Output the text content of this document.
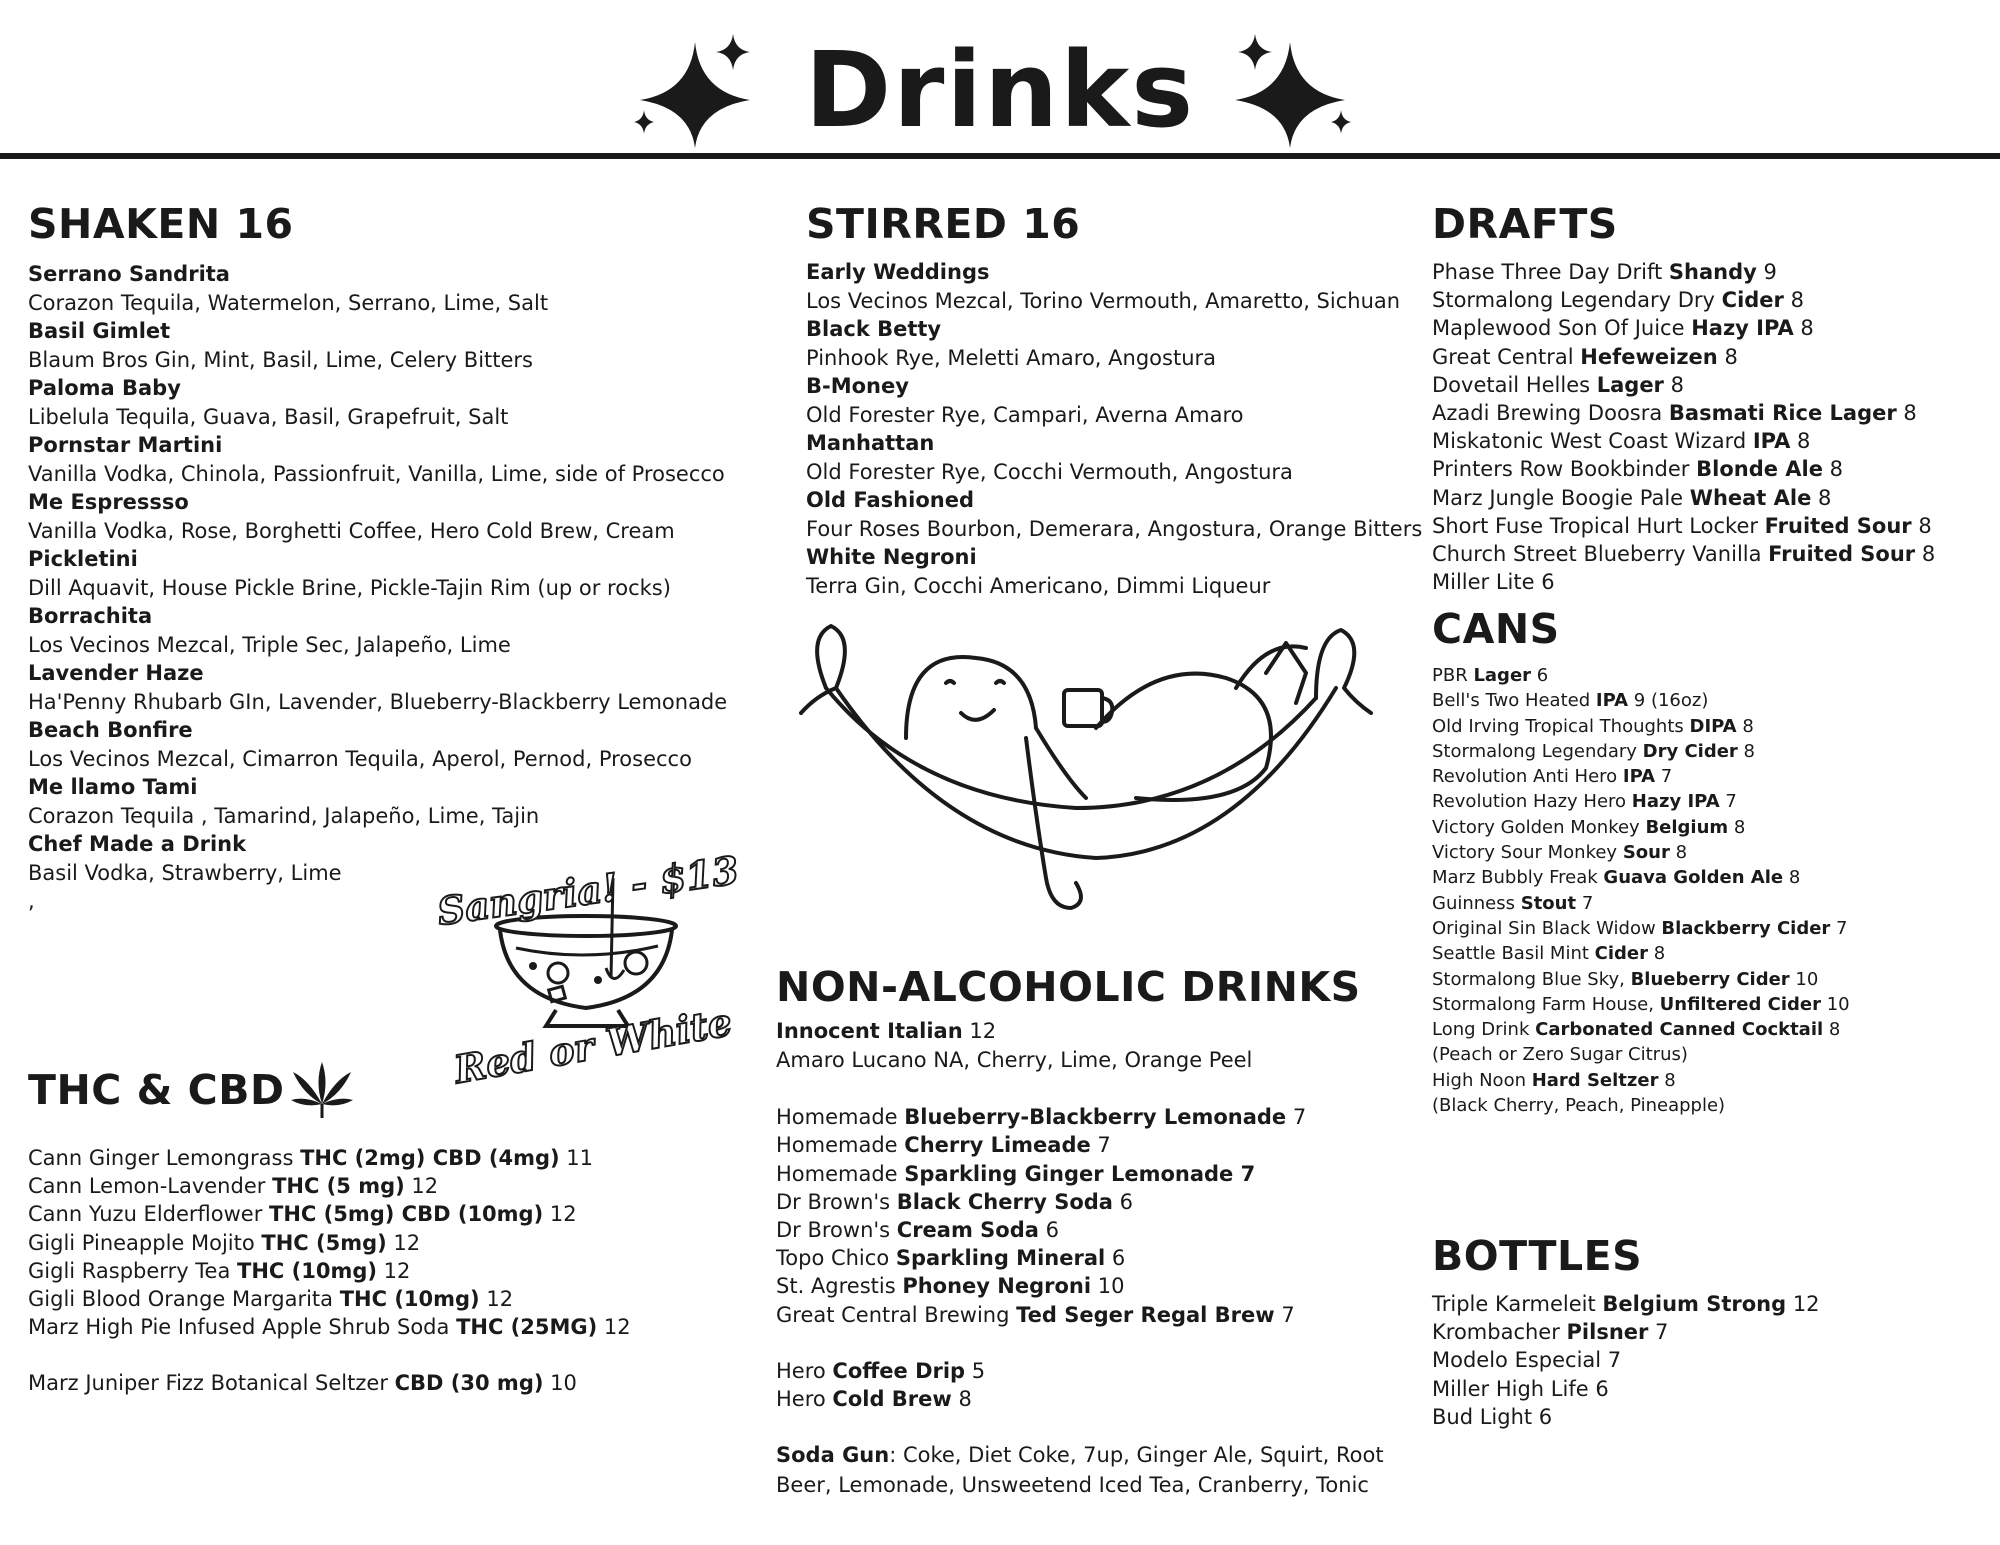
Drinks
SHAKEN 16
Serrano Sandrita
Corazon Tequila, Watermelon, Serrano, Lime, Salt
Basil Gimlet
Blaum Bros Gin, Mint, Basil, Lime, Celery Bitters
Paloma Baby
Libelula Tequila, Guava, Basil, Grapefruit, Salt
Pornstar Martini
Vanilla Vodka, Chinola, Passionfruit, Vanilla, Lime, side of Prosecco
Me Espressso
Vanilla Vodka, Rose, Borghetti Coffee, Hero Cold Brew, Cream
Pickletini
Dill Aquavit, House Pickle Brine, Pickle-Tajin Rim (up or rocks)
Borrachita
Los Vecinos Mezcal, Triple Sec, Jalapeño, Lime
Lavender Haze
Ha'Penny Rhubarb GIn, Lavender, Blueberry-Blackberry Lemonade
Beach Bonfire
Los Vecinos Mezcal, Cimarron Tequila, Aperol, Pernod, Prosecco
Me llamo Tami
Corazon Tequila , Tamarind, Jalapeño, Lime, Tajin
Chef Made a Drink
Basil Vodka, Strawberry, Lime
,	Sangria! - $13
Red or White
THC & CBD
Cann Ginger Lemongrass THC (2mg) CBD (4mg) 11
Cann Lemon-Lavender THC (5 mg) 12
Cann Yuzu Elderflower THC (5mg) CBD (10mg) 12
Gigli Pineapple Mojito THC (5mg) 12
Gigli Raspberry Tea THC (10mg) 12
Gigli Blood Orange Margarita THC (10mg) 12
Marz High Pie Infused Apple Shrub Soda THC (25MG) 12
Marz Juniper Fizz Botanical Seltzer CBD (30 mg) 10
STIRRED 16
Early Weddings
Los Vecinos Mezcal, Torino Vermouth, Amaretto, Sichuan
Black Betty
Pinhook Rye, Meletti Amaro, Angostura
B-Money
Old Forester Rye, Campari, Averna Amaro
Manhattan
Old Forester Rye, Cocchi Vermouth, Angostura
Old Fashioned
Four Roses Bourbon, Demerara, Angostura, Orange Bitters
White Negroni
Terra Gin, Cocchi Americano, Dimmi Liqueur
NON-ALCOHOLIC DRINKS
Innocent Italian 12
Amaro Lucano NA, Cherry, Lime, Orange Peel
Homemade Blueberry-Blackberry Lemonade 7
Homemade Cherry Limeade 7
Homemade Sparkling Ginger Lemonade 7
Dr Brown's Black Cherry Soda 6
Dr Brown's Cream Soda 6
Topo Chico Sparkling Mineral 6
St. Agrestis Phoney Negroni 10
Great Central Brewing Ted Seger Regal Brew 7
Hero Coffee Drip 5
Hero Cold Brew 8
Soda Gun: Coke, Diet Coke, 7up, Ginger Ale, Squirt, Root
Beer, Lemonade, Unsweetend Iced Tea, Cranberry, Tonic
DRAFTS
Phase Three Day Drift Shandy 9
Stormalong Legendary Dry Cider 8
Maplewood Son Of Juice Hazy IPA 8
Great Central Hefeweizen 8
Dovetail Helles Lager 8
Azadi Brewing Doosra Basmati Rice Lager 8
Miskatonic West Coast Wizard IPA 8
Printers Row Bookbinder Blonde Ale 8
Marz Jungle Boogie Pale Wheat Ale 8
Short Fuse Tropical Hurt Locker Fruited Sour 8
Church Street Blueberry Vanilla Fruited Sour 8
Miller Lite 6
CANS
PBR Lager 6
Bell's Two Heated IPA 9 (16oz)
Old Irving Tropical Thoughts DIPA 8
Stormalong Legendary Dry Cider 8
Revolution Anti Hero IPA 7
Revolution Hazy Hero Hazy IPA 7
Victory Golden Monkey Belgium 8
Victory Sour Monkey Sour 8
Marz Bubbly Freak Guava Golden Ale 8
Guinness Stout 7
Original Sin Black Widow Blackberry Cider 7
Seattle Basil Mint Cider 8
Stormalong Blue Sky, Blueberry Cider 10
Stormalong Farm House, Unfiltered Cider 10
Long Drink Carbonated Canned Cocktail 8
(Peach or Zero Sugar Citrus)
High Noon Hard Seltzer 8
(Black Cherry, Peach, Pineapple)
BOTTLES
Triple Karmeleit Belgium Strong 12
Krombacher Pilsner 7
Modelo Especial 7
Miller High Life 6
Bud Light 6
